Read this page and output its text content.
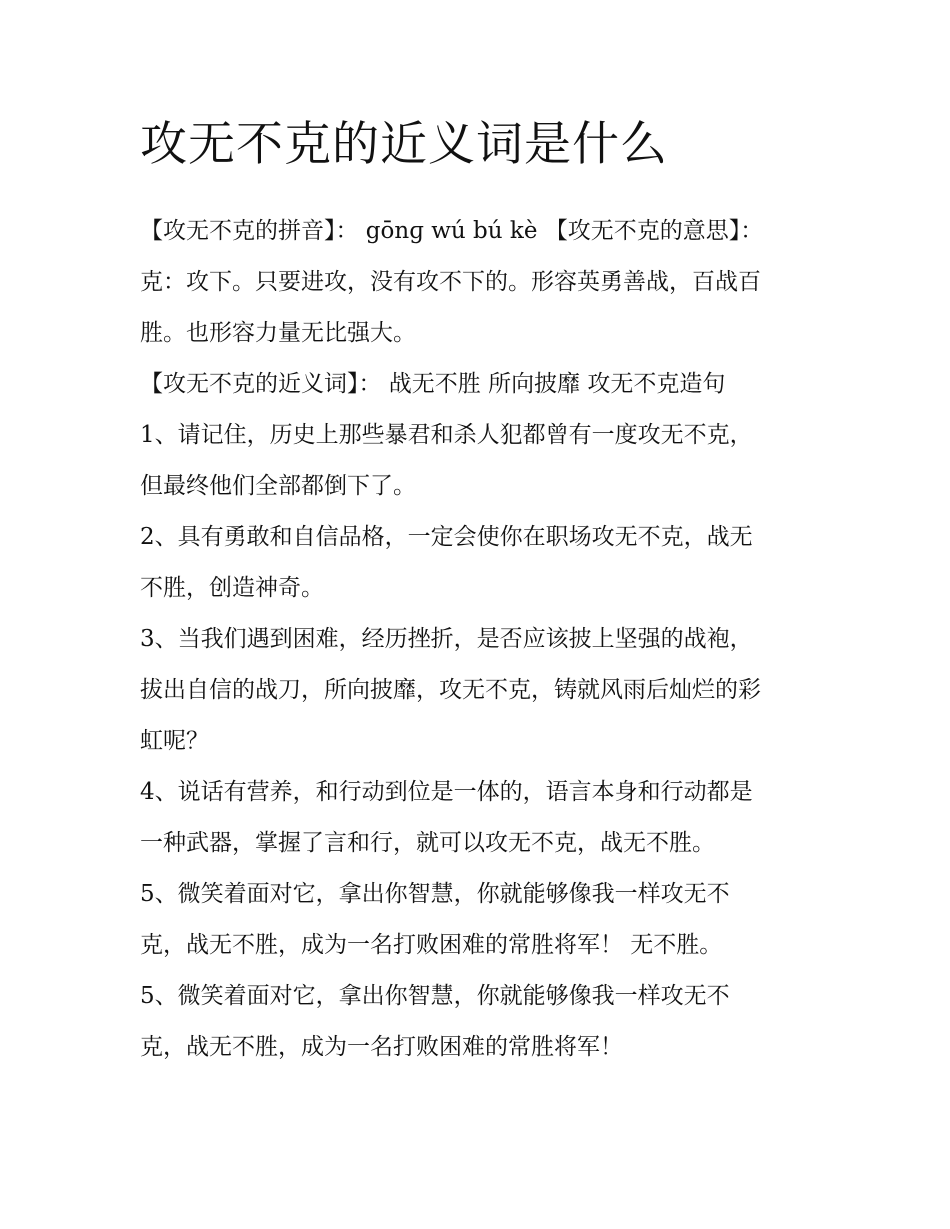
攻无不克的近义词是什么

【攻无不克的拼音】： gōnɡ wú bú kè 【攻无不克的意思】：

克：攻下。只要进攻，没有攻不下的。形容英勇善战，百战百

胜。也形容力量无比强大。

【攻无不克的近义词】： 战无不胜 所向披靡 攻无不克造句

1、请记住，历史上那些暴君和杀人犯都曾有一度攻无不克，

但最终他们全部都倒下了。

2、具有勇敢和自信品格，一定会使你在职场攻无不克，战无

不胜，创造神奇。

3、当我们遇到困难，经历挫折，是否应该披上坚强的战袍，

拔出自信的战刀，所向披靡，攻无不克，铸就风雨后灿烂的彩

虹呢？

4、说话有营养，和行动到位是一体的，语言本身和行动都是

一种武器，掌握了言和行，就可以攻无不克，战无不胜。

5、微笑着面对它，拿出你智慧，你就能够像我一样攻无不

克，战无不胜，成为一名打败困难的常胜将军！ 无不胜。

5、微笑着面对它，拿出你智慧，你就能够像我一样攻无不

克，战无不胜，成为一名打败困难的常胜将军！
